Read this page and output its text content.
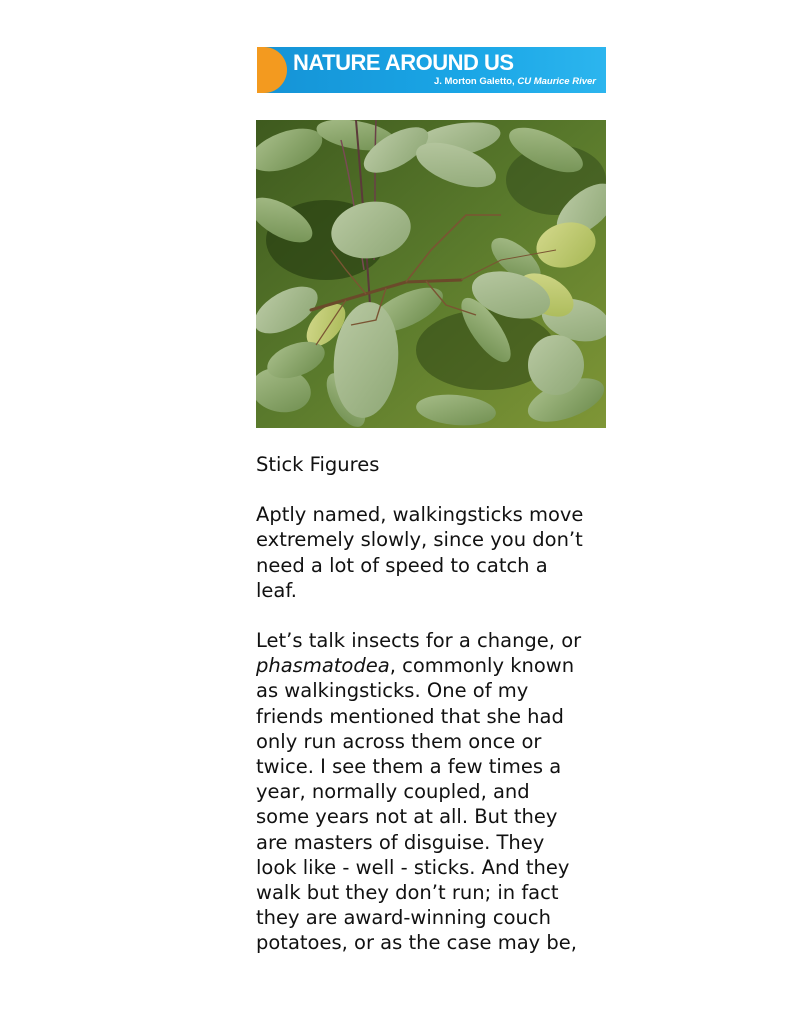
NATURE AROUND US
J. Morton Galetto, CU Maurice River

Stick Figures

Aptly named, walkingsticks move
extremely slowly, since you don’t
need a lot of speed to catch a
leaf.

Let’s talk insects for a change, or
phasmatodea, commonly known
as walkingsticks. One of my
friends mentioned that she had
only run across them once or
twice. I see them a few times a
year, normally coupled, and
some years not at all. But they
are masters of disguise. They
look like - well - sticks. And they
walk but they don’t run; in fact
they are award-winning couch
potatoes, or as the case may be,
